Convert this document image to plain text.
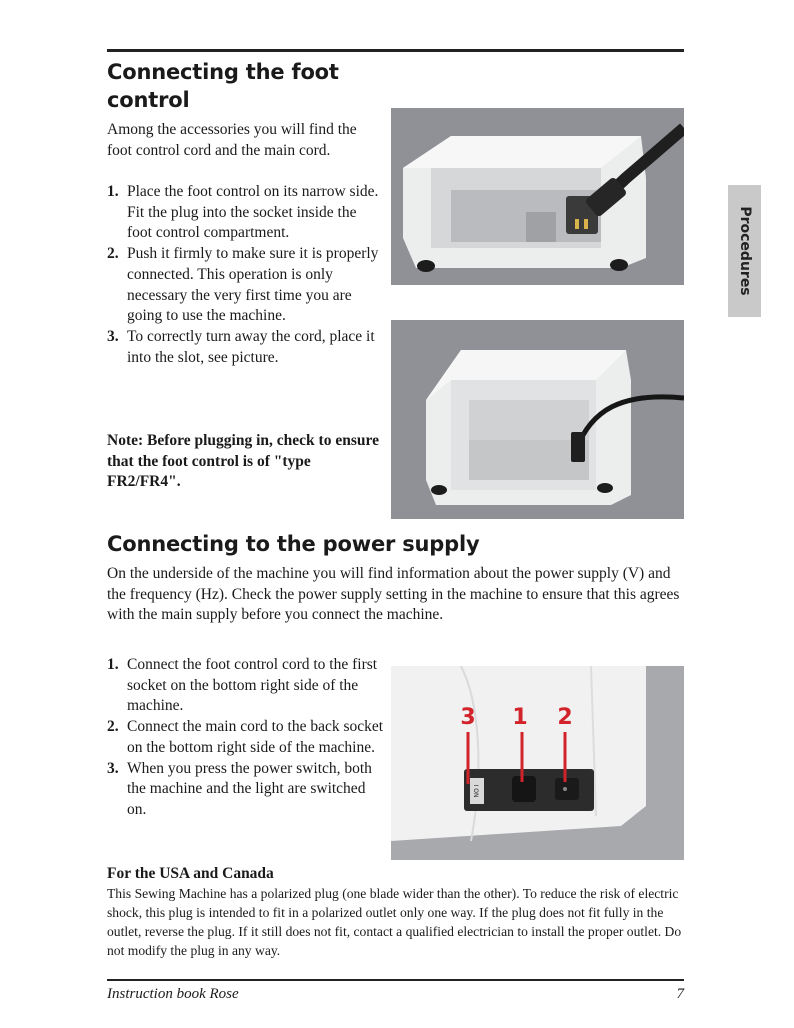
Connecting the foot control

Among the accessories you will find the foot control cord and the main cord.

1. Place the foot control on its narrow side. Fit the plug into the socket inside the foot control compartment.
2. Push it firmly to make sure it is properly connected. This operation is only necessary the very first time you are going to use the machine.
3. To correctly turn away the cord, place it into the slot, see picture.

Note: Before plugging in, check to ensure that the foot control is of "type FR2/FR4".

Procedures
Connecting to the power supply

On the underside of the machine you will find information about the power supply (V) and the frequency (Hz). Check the power supply setting in the machine to ensure that this agrees with the main supply before you connect the machine.

1. Connect the foot control cord to the first socket on the bottom right side of the machine.
2. Connect the main cord to the back socket on the bottom right side of the machine.
3. When you press the power switch, both the machine and the light are switched on.
I ON
3 1 2

For the USA and Canada

This Sewing Machine has a polarized plug (one blade wider than the other). To reduce the risk of electric shock, this plug is intended to fit in a polarized outlet only one way. If the plug does not fit fully in the outlet, reverse the plug. If it still does not fit, contact a qualified electrician to install the proper outlet. Do not modify the plug in any way.

Instruction book Rose	7
